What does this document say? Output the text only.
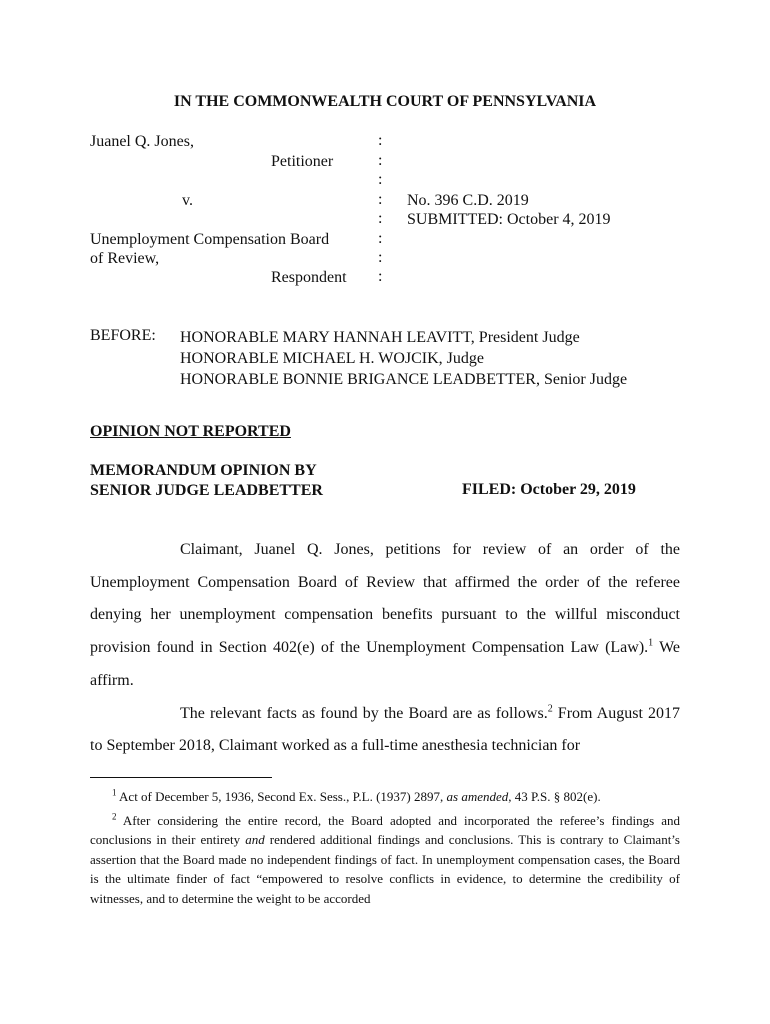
IN THE COMMONWEALTH COURT OF PENNSYLVANIA
Juanel Q. Jones,
Petitioner
v.
Unemployment Compensation Board
of Review,
Respondent
:
:
:
:
:
:
:
:
No. 396 C.D. 2019
SUBMITTED: October 4, 2019
BEFORE: HONORABLE MARY HANNAH LEAVITT, President Judge
HONORABLE MICHAEL H. WOJCIK, Judge
HONORABLE BONNIE BRIGANCE LEADBETTER, Senior Judge
OPINION NOT REPORTED
MEMORANDUM OPINION BY
SENIOR JUDGE LEADBETTER	FILED: October 29, 2019

Claimant, Juanel Q. Jones, petitions for review of an order of the Unemployment Compensation Board of Review that affirmed the order of the referee denying her unemployment compensation benefits pursuant to the willful misconduct provision found in Section 402(e) of the Unemployment Compensation Law (Law).$^1$ We affirm.

The relevant facts as found by the Board are as follows.$^2$ From August 2017 to September 2018, Claimant worked as a full-time anesthesia technician for

$^1$ Act of December 5, 1936, Second Ex. Sess., P.L. (1937) 2897, as amended, 43 P.S. § 802(e).

$^2$ After considering the entire record, the Board adopted and incorporated the referee’s findings and conclusions in their entirety and rendered additional findings and conclusions. This is contrary to Claimant’s assertion that the Board made no independent findings of fact. In unemployment compensation cases, the Board is the ultimate finder of fact “empowered to resolve conflicts in evidence, to determine the credibility of witnesses, and to determine the weight to be accorded
